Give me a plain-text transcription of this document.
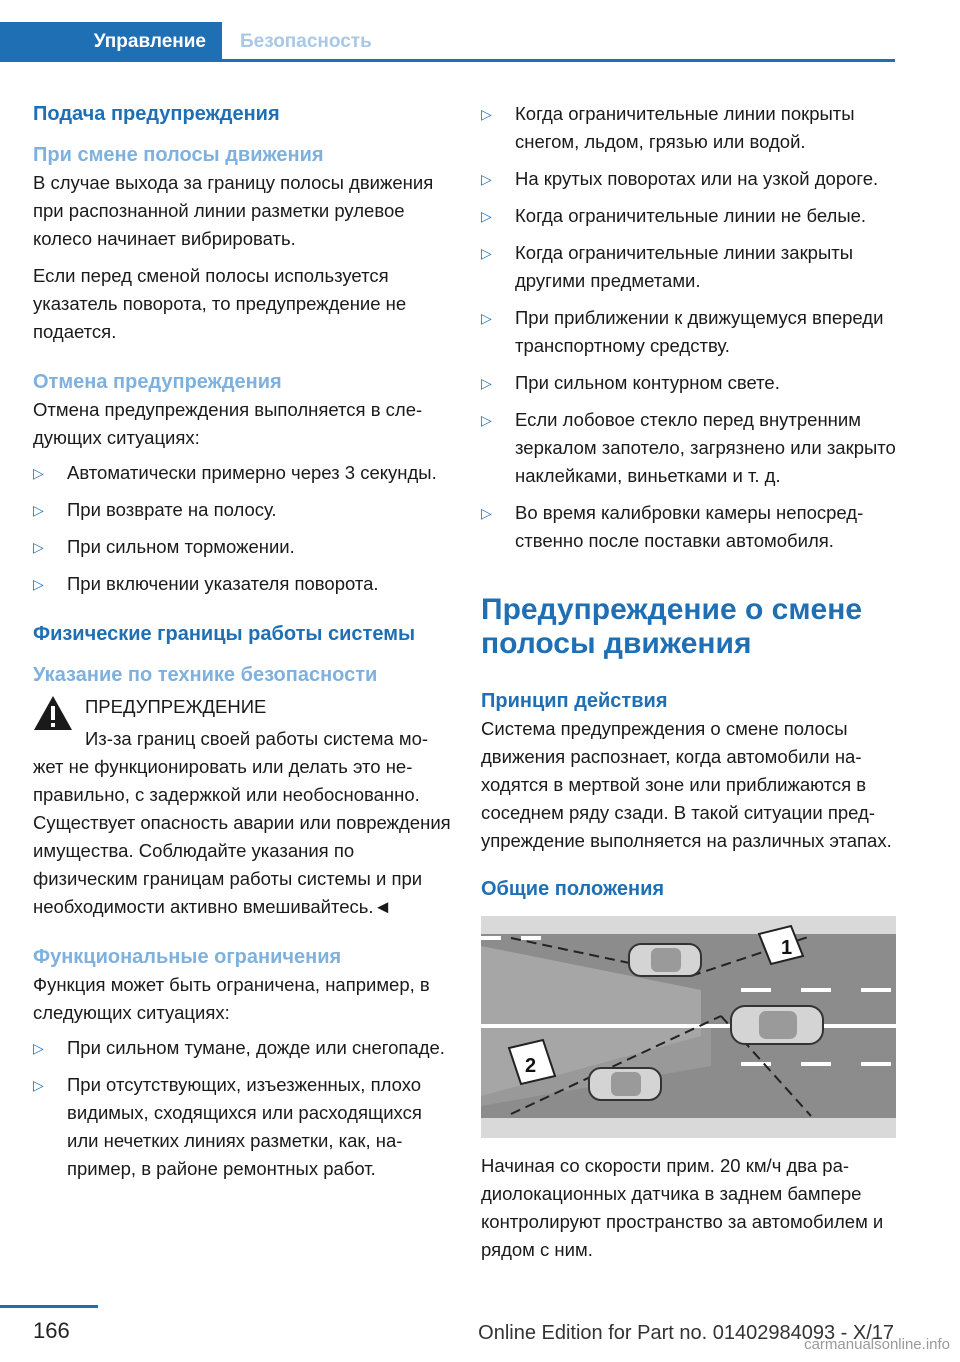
Управление	Безопасность
Подача предупреждения
При смене полосы движения

В случае выхода за границу полосы движения при распознанной линии разметки рулевое колесо начинает вибрировать.

Если перед сменой полосы используется указатель поворота, то предупреждение не подается.

Отмена предупреждения

Отмена предупреждения выполняется в следующих ситуациях:

▷ Автоматически примерно через 3 секунды.
▷ При возврате на полосу.
▷ При сильном торможении.
▷ При включении указателя поворота.
Физические границы работы системы
Указание по технике безопасности

ПРЕДУПРЕЖДЕНИЕ

Из-за границ своей работы система может не функционировать или делать это неправильно, с задержкой или необоснованно. Существует опасность аварии или повреждения имущества. Соблюдайте указания по физическим границам работы системы и при необходимости активно вмешивайтесь.◄

Функциональные ограничения

Функция может быть ограничена, например, в следующих ситуациях:

▷ При сильном тумане, дожде или снегопаде.
▷ При отсутствующих, изъезженных, плохо видимых, сходящихся или расходящихся или нечетких линиях разметки, как, например, в районе ремонтных работ.
▷ Когда ограничительные линии покрыты снегом, льдом, грязью или водой.
▷ На крутых поворотах или на узкой дороге.
▷ Когда ограничительные линии не белые.
▷ Когда ограничительные линии закрыты другими предметами.
▷ При приближении к движущемуся впереди транспортному средству.
▷ При сильном контурном свете.
▷ Если лобовое стекло перед внутренним зеркалом запотело, загрязнено или закрыто наклейками, виньетками и т. д.
▷ Во время калибровки камеры непосредственно после поставки автомобиля.
Предупреждение о смене полосы движения
Принцип действия

Система предупреждения о смене полосы движения распознает, когда автомобили находятся в мертвой зоне или приближаются в соседнем ряду сзади. В такой ситуации предупреждение выполняется на различных этапах.

Общие положения
1
2

Начиная со скорости прим. 20 км/ч два радиолокационных датчика в заднем бампере контролируют пространство за автомобилем и рядом с ним.

166	Online Edition for Part no. 01402984093 - X/17
carmanualsonline.info
